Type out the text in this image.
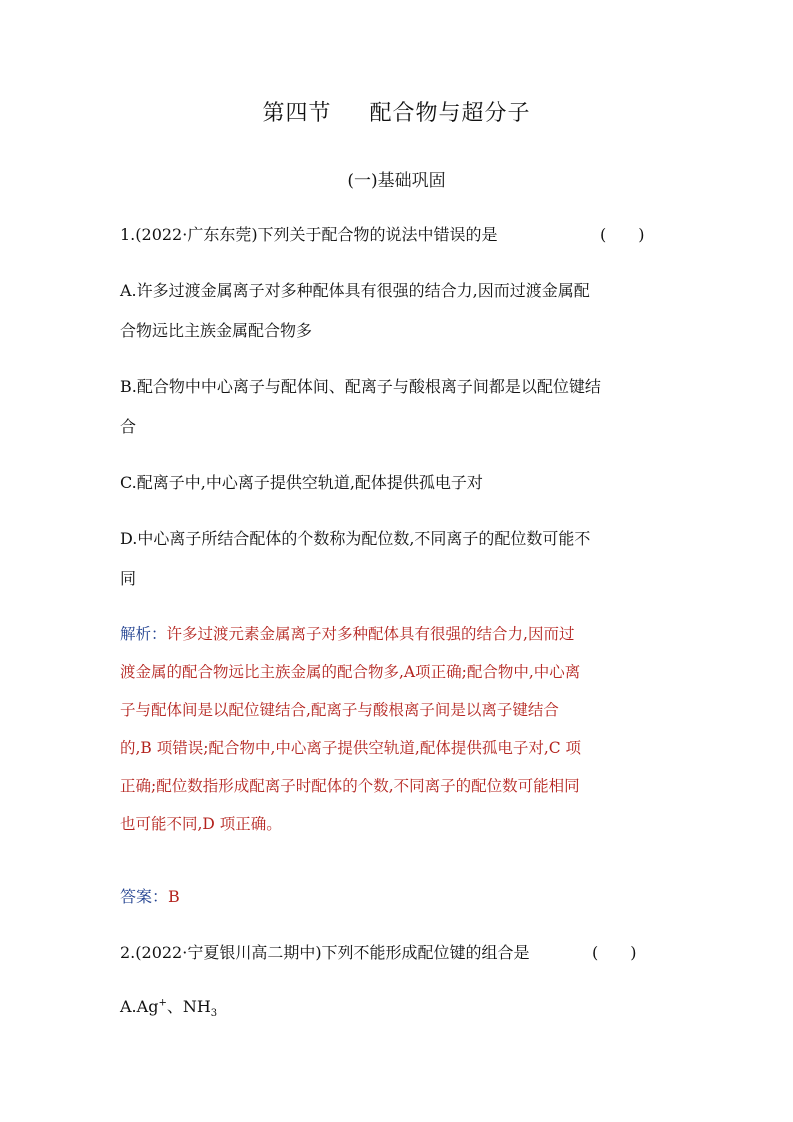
第四节 配合物与超分子
(一)基础巩固
1.(2022·广东东莞)下列关于配合物的说法中错误的是	(　　)
A.许多过渡金属离子对多种配体具有很强的结合力,因而过渡金属配
合物远比主族金属配合物多
B.配合物中中心离子与配体间、配离子与酸根离子间都是以配位键结
合
C.配离子中,中心离子提供空轨道,配体提供孤电子对
D.中心离子所结合配体的个数称为配位数,不同离子的配位数可能不
同
解析：许多过渡元素金属离子对多种配体具有很强的结合力,因而过
渡金属的配合物远比主族金属的配合物多,A项正确;配合物中,中心离
子与配体间是以配位键结合,配离子与酸根离子间是以离子键结合
的,B 项错误;配合物中,中心离子提供空轨道,配体提供孤电子对,C 项
正确;配位数指形成配离子时配体的个数,不同离子的配位数可能相同
也可能不同,D 项正确。
答案：B
2.(2022·宁夏银川高二期中)下列不能形成配位键的组合是	(　　)
A.Ag+、$NH_3$
